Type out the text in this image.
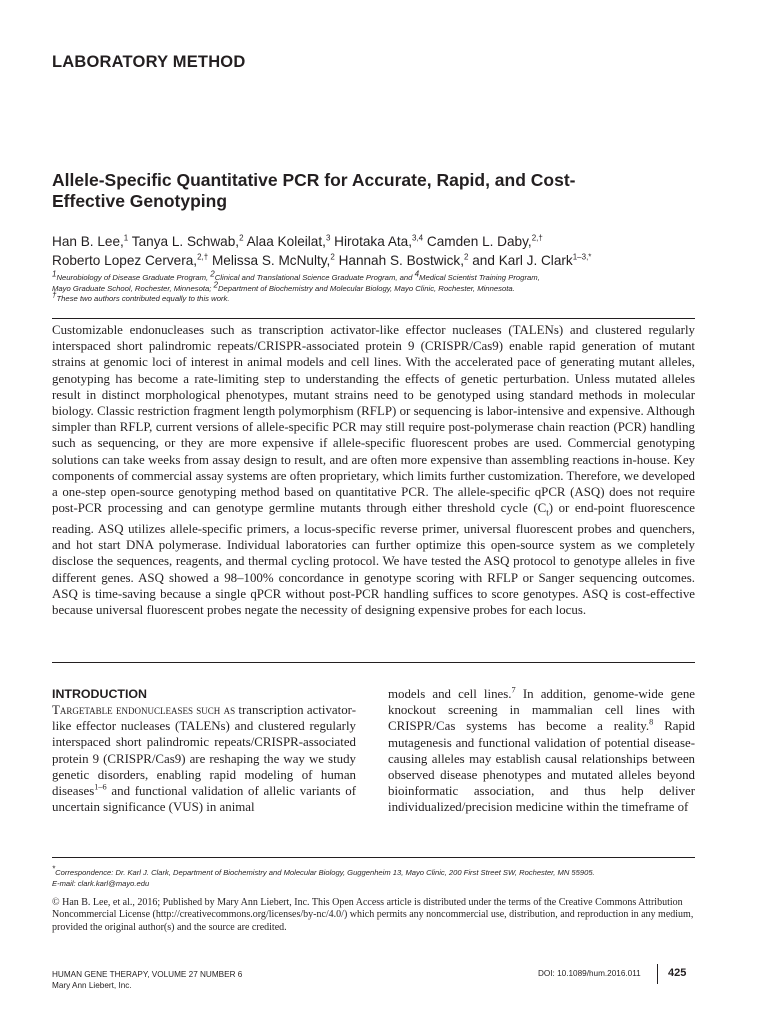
LABORATORY METHOD
Allele-Specific Quantitative PCR for Accurate, Rapid, and Cost-Effective Genotyping
Han B. Lee,$^1$ Tanya L. Schwab,$^2$ Alaa Koleilat,$^3$ Hirotaka Ata,$^{3,4}$ Camden L. Daby,$^{2,\dagger}$
Roberto Lopez Cervera,$^{2,\dagger}$ Melissa S. McNulty,$^2$ Hannah S. Bostwick,$^2$ and Karl J. Clark$^{1-3,*}$
$^1$Neurobiology of Disease Graduate Program, $^2$Clinical and Translational Science Graduate Program, and $^4$Medical Scientist Training Program,
Mayo Graduate School, Rochester, Minnesota; $^2$Department of Biochemistry and Molecular Biology, Mayo Clinic, Rochester, Minnesota.
†These two authors contributed equally to this work.
Customizable endonucleases such as transcription activator-like effector nucleases (TALENs) and clustered regularly interspaced short palindromic repeats/CRISPR-associated protein 9 (CRISPR/Cas9) enable rapid generation of mutant strains at genomic loci of interest in animal models and cell lines. With the accelerated pace of generating mutant alleles, genotyping has become a rate-limiting step to understanding the effects of genetic perturbation. Unless mutated alleles result in distinct morphological phenotypes, mutant strains need to be genotyped using standard methods in molecular biology. Classic restriction fragment length polymorphism (RFLP) or sequencing is labor-intensive and expensive. Although simpler than RFLP, current versions of allele-specific PCR may still require post-polymerase chain reaction (PCR) handling such as sequencing, or they are more expensive if allele-specific fluorescent probes are used. Commercial genotyping solutions can take weeks from assay design to result, and are often more expensive than assembling reactions in-house. Key components of commercial assay systems are often proprietary, which limits further customization. Therefore, we developed a one-step open-source genotyping method based on quantitative PCR. The allele-specific qPCR (ASQ) does not require post-PCR processing and can genotype germline mutants through either threshold cycle $(C_t)$ or end-point fluorescence reading. ASQ utilizes allele-specific primers, a locus-specific reverse primer, universal fluorescent probes and quenchers, and hot start DNA polymerase. Individual laboratories can further optimize this open-source system as we completely disclose the sequences, reagents, and thermal cycling protocol. We have tested the ASQ protocol to genotype alleles in five different genes. ASQ showed a 98–100% concordance in genotype scoring with RFLP or Sanger sequencing outcomes. ASQ is time-saving because a single qPCR without post-PCR handling suffices to score genotypes. ASQ is cost-effective because universal fluorescent probes negate the necessity of designing expensive probes for each locus.
INTRODUCTION
Targetable endonucleases such as transcription activator-like effector nucleases (TALENs) and clustered regularly interspaced short palindromic repeats/CRISPR-associated protein 9 (CRISPR/Cas9) are reshaping the way we study genetic disorders, enabling rapid modeling of human diseases$^{1-6}$ and functional validation of allelic variants of uncertain significance (VUS) in animal
models and cell lines.$^7$ In addition, genome-wide gene knockout screening in mammalian cell lines with CRISPR/Cas systems has become a reality.$^8$ Rapid mutagenesis and functional validation of potential disease-causing alleles may establish causal relationships between observed disease phenotypes and mutated alleles beyond bioinformatic association, and thus help deliver individualized/precision medicine within the timeframe of
*Correspondence: Dr. Karl J. Clark, Department of Biochemistry and Molecular Biology, Guggenheim 13, Mayo Clinic, 200 First Street SW, Rochester, MN 55905.
E-mail: clark.karl@mayo.edu
© Han B. Lee, et al., 2016; Published by Mary Ann Liebert, Inc. This Open Access article is distributed under the terms of the Creative Commons Attribution Noncommercial License (http://creativecommons.org/licenses/by-nc/4.0/) which permits any noncommercial use, distribution, and reproduction in any medium, provided the original author(s) and the source are credited.
HUMAN GENE THERAPY, VOLUME 27 NUMBER 6
Mary Ann Liebert, Inc.
DOI: 10.1089/hum.2016.011 425
